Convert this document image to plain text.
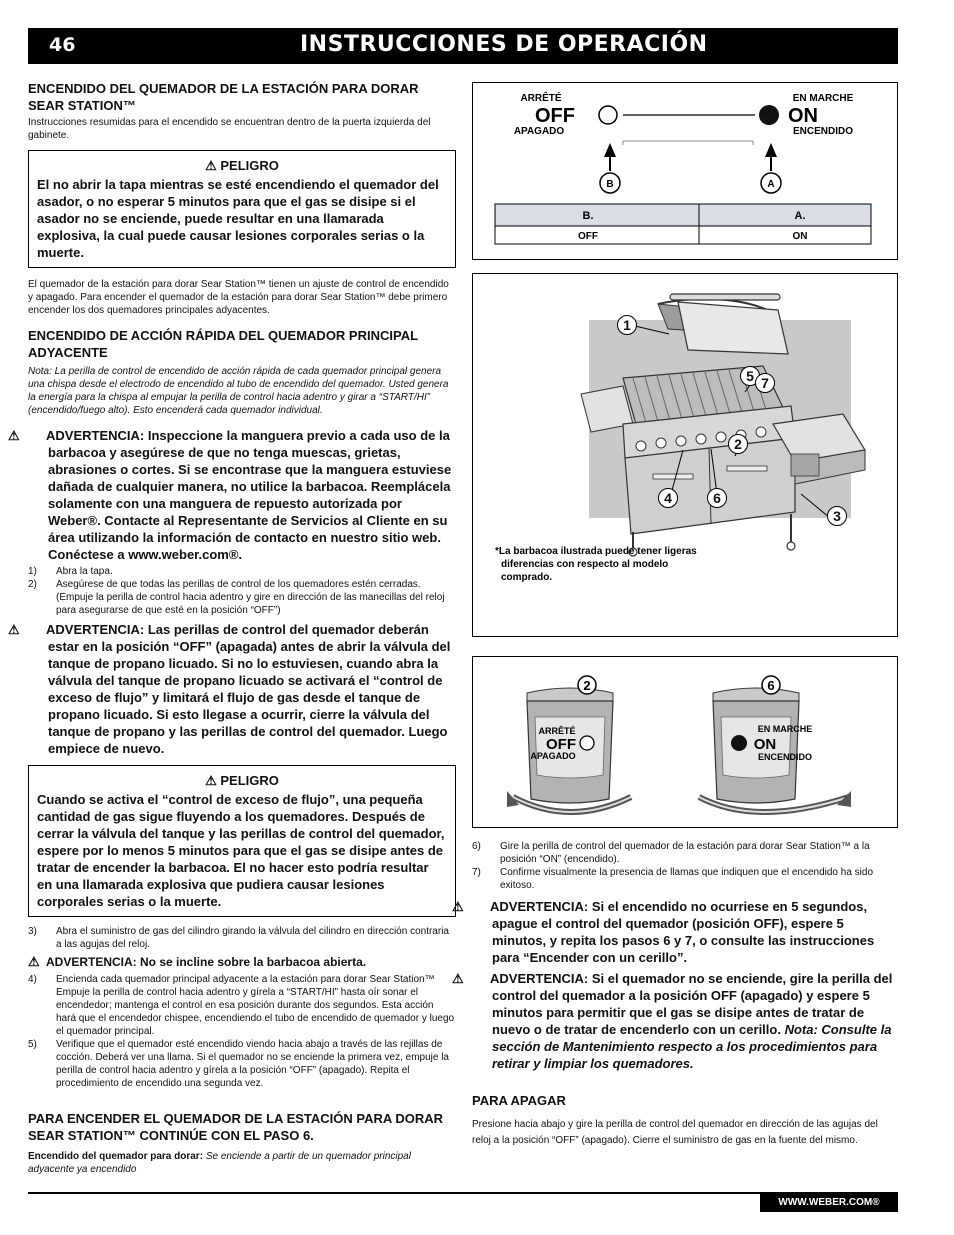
46	INSTRUCCIONES DE OPERACIÓN
ENCENDIDO DEL QUEMADOR DE LA ESTACIÓN PARA DORAR SEAR STATION™

Instrucciones resumidas para el encendido se encuentran dentro de la puerta izquierda del gabinete.

⚠ PELIGRO
El no abrir la tapa mientras se esté encendiendo el quemador del asador, o no esperar 5 minutos para que el gas se disipe si el asador no se enciende, puede resultar en una llamarada explosiva, la cual puede causar lesiones corporales serias o la muerte.

El quemador de la estación para dorar Sear Station™ tienen un ajuste de control de encendido y apagado. Para encender el quemador de la estación para dorar Sear Station™ debe primero encender los dos quemadores principales adyacentes.

ENCENDIDO DE ACCIÓN RÁPIDA DEL QUEMADOR PRINCIPAL ADYACENTE

Nota: La perilla de control de encendido de acción rápida de cada quemador principal genera una chispa desde el electrodo de encendido al tubo de encendido del quemador. Usted genera la energía para la chispa al empujar la perilla de control hacia adentro y girar a “START/HI” (encendido/fuego alto). Esto encenderá cada quemador individual.

⚠ ADVERTENCIA: Inspeccione la manguera previo a cada uso de la barbacoa y asegúrese de que no tenga muescas, grietas, abrasiones o cortes. Si se encontrase que la manguera estuviese dañada de cualquier manera, no utilice la barbacoa. Reemplácela solamente con una manguera de repuesto autorizada por Weber®. Contacte al Representante de Servicios al Cliente en su área utilizando la información de contacto en nuestro sitio web. Conéctese a www.weber.com®.

1) Abra la tapa.
2) Asegúrese de que todas las perillas de control de los quemadores estén cerradas. (Empuje la perilla de control hacia adentro y gire en dirección de las manecillas del reloj para asegurarse de que esté en la posición “OFF”)

⚠ ADVERTENCIA: Las perillas de control del quemador deberán estar en la posición “OFF” (apagada) antes de abrir la válvula del tanque de propano licuado. Si no lo estuviesen, cuando abra la válvula del tanque de propano licuado se activará el “control de exceso de flujo” y limitará el flujo de gas desde el tanque de propano licuado. Si esto llegase a ocurrir, cierre la válvula del tanque de propano y las perillas de control del quemador. Luego empiece de nuevo.

⚠ PELIGRO
Cuando se activa el “control de exceso de flujo”, una pequeña cantidad de gas sigue fluyendo a los quemadores. Después de cerrar la válvula del tanque y las perillas de control del quemador, espere por lo menos 5 minutos para que el gas se disipe antes de tratar de encender la barbacoa. El no hacer esto podría resultar en una llamarada explosiva que pudiera causar lesiones corporales serias o la muerte.
3) Abra el suministro de gas del cilindro girando la válvula del cilindro en dirección contraria a las agujas del reloj.

⚠ ADVERTENCIA: No se incline sobre la barbacoa abierta.

4) Encienda cada quemador principal adyacente a la estación para dorar Sear Station™ Empuje la perilla de control hacia adentro y gírela a “START/HI” hasta oír sonar el encendedor; mantenga el control en esa posición durante dos segundos. Esta acción hará que el encendedor chispee, encendiendo el tubo de encendido de quemador y luego el quemador principal.
5) Verifique que el quemador esté encendido viendo hacia abajo a través de las rejillas de cocción. Deberá ver una llama. Si el quemador no se enciende la primera vez, empuje la perilla de control hacia adentro y gírela a la posición “OFF” (apagado). Repita el procedimiento de encendido una segunda vez.
PARA ENCENDER EL QUEMADOR DE LA ESTACIÓN PARA DORAR SEAR STATION™ CONTINÚE CON EL PASO 6.

Encendido del quemador para dorar: Se enciende a partir de un quemador principal adyacente ya encendido

ARRÊTÉ
OFF
APAGADO
EN MARCHE
ON
ENCENDIDO
B	A
B.	A.
OFF	ON
*La barbacoa ilustrada puede tener ligeras diferencias con respecto al modelo comprado.
1
5 7
2
4	6
3
2
ARRÊTÉ
OFF
APAGADO
6
EN MARCHE
ON
ENCENDIDO
6) Gire la perilla de control del quemador de la estación para dorar Sear Station™ a la posición “ON” (encendido).
7) Confirme visualmente la presencia de llamas que indiquen que el encendido ha sido exitoso.

⚠ ADVERTENCIA: Si el encendido no ocurriese en 5 segundos, apague el control del quemador (posición OFF), espere 5 minutos, y repita los pasos 6 y 7, o consulte las instrucciones para “Encender con un cerillo”.

⚠ ADVERTENCIA: Si el quemador no se enciende, gire la perilla del control del quemador a la posición OFF (apagado) y espere 5 minutos para permitir que el gas se disipe antes de tratar de nuevo o de tratar de encenderlo con un cerillo. Nota: Consulte la sección de Mantenimiento respecto a los procedimientos para retirar y limpiar los quemadores.

PARA APAGAR

Presione hacia abajo y gire la perilla de control del quemador en dirección de las agujas del reloj a la posición “OFF” (apagado). Cierre el suministro de gas en la fuente del mismo.

WWW.WEBER.COM®
